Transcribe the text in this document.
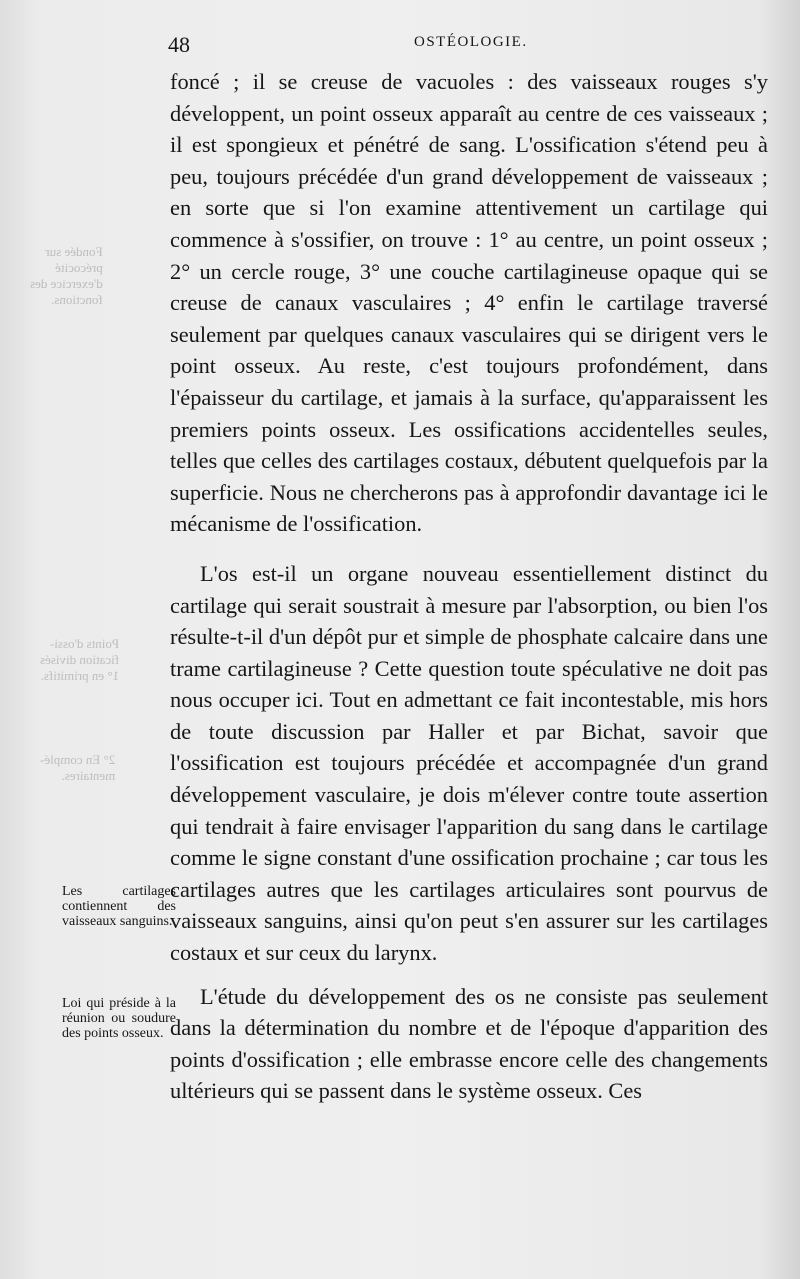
Fondée sur
précocité
d'exercice des
fonctions.
Points d'ossi-
fication divisés
1° en primitifs.
2° En complé-
mentaires.
48	OSTÉOLOGIE.
Les cartilages contiennent des vaisseaux sanguins.
Loi qui préside à la réunion ou soudure des points osseux.

foncé ; il se creuse de vacuoles : des vaisseaux rouges s'y développent, un point osseux apparaît au centre de ces vaisseaux ; il est spongieux et pénétré de sang. L'ossification s'étend peu à peu, toujours précédée d'un grand développement de vaisseaux ; en sorte que si l'on examine attentivement un cartilage qui commence à s'ossifier, on trouve : 1° au centre, un point osseux ; 2° un cercle rouge, 3° une couche cartilagineuse opaque qui se creuse de canaux vasculaires ; 4° enfin le cartilage traversé seulement par quelques canaux vasculaires qui se dirigent vers le point osseux. Au reste, c'est toujours profondément, dans l'épaisseur du cartilage, et jamais à la surface, qu'apparaissent les premiers points osseux. Les ossifications accidentelles seules, telles que celles des cartilages costaux, débutent quelquefois par la superficie. Nous ne chercherons pas à approfondir davantage ici le mécanisme de l'ossification.

L'os est-il un organe nouveau essentiellement distinct du cartilage qui serait soustrait à mesure par l'absorption, ou bien l'os résulte-t-il d'un dépôt pur et simple de phosphate calcaire dans une trame cartilagineuse ? Cette question toute spéculative ne doit pas nous occuper ici. Tout en admettant ce fait incontestable, mis hors de toute discussion par Haller et par Bichat, savoir que l'ossification est toujours précédée et accompagnée d'un grand développement vasculaire, je dois m'élever contre toute assertion qui tendrait à faire envisager l'apparition du sang dans le cartilage comme le signe constant d'une ossification prochaine ; car tous les cartilages autres que les cartilages articulaires sont pourvus de vaisseaux sanguins, ainsi qu'on peut s'en assurer sur les cartilages costaux et sur ceux du larynx.

L'étude du développement des os ne consiste pas seulement dans la détermination du nombre et de l'époque d'apparition des points d'ossification ; elle embrasse encore celle des changements ultérieurs qui se passent dans le système osseux. Ces
